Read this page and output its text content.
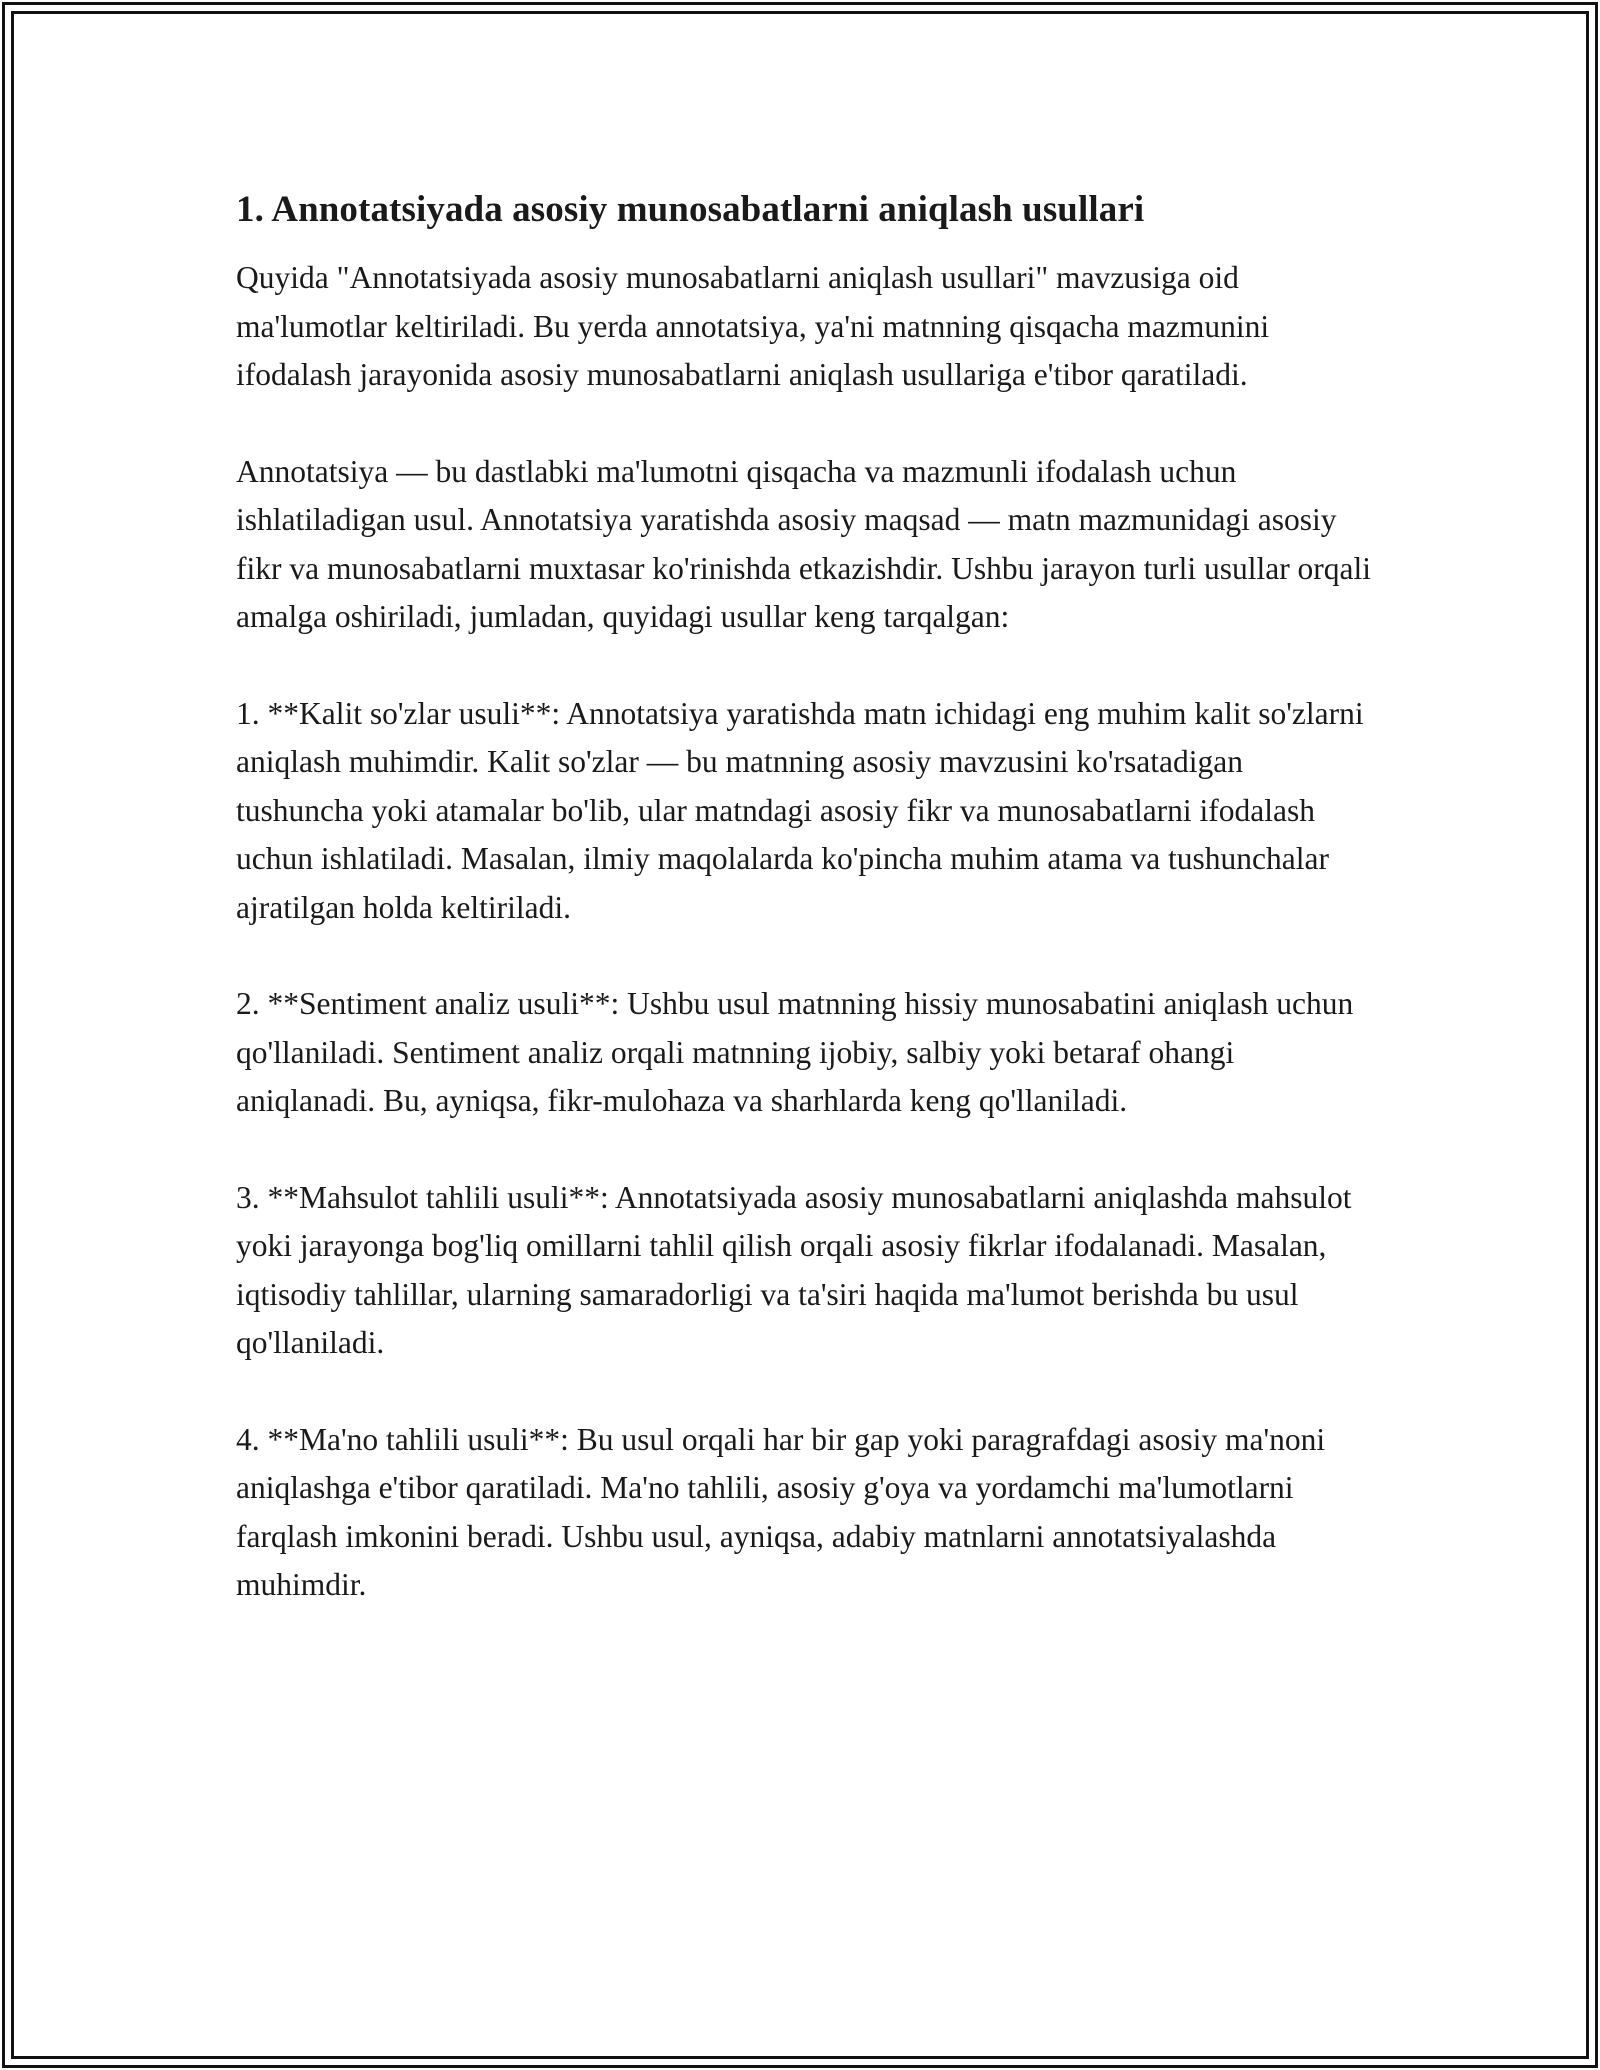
1. Annotatsiyada asosiy munosabatlarni aniqlash usullari

Quyida "Annotatsiyada asosiy munosabatlarni aniqlash usullari" mavzusiga oid ma'lumotlar keltiriladi. Bu yerda annotatsiya, ya'ni matnning qisqacha mazmunini ifodalash jarayonida asosiy munosabatlarni aniqlash usullariga e'tibor qaratiladi.

Annotatsiya — bu dastlabki ma'lumotni qisqacha va mazmunli ifodalash uchun ishlatiladigan usul. Annotatsiya yaratishda asosiy maqsad — matn mazmunidagi asosiy fikr va munosabatlarni muxtasar ko'rinishda etkazishdir. Ushbu jarayon turli usullar orqali amalga oshiriladi, jumladan, quyidagi usullar keng tarqalgan:

1. **Kalit so'zlar usuli**: Annotatsiya yaratishda matn ichidagi eng muhim kalit so'zlarni aniqlash muhimdir. Kalit so'zlar — bu matnning asosiy mavzusini ko'rsatadigan tushuncha yoki atamalar bo'lib, ular matndagi asosiy fikr va munosabatlarni ifodalash uchun ishlatiladi. Masalan, ilmiy maqolalarda ko'pincha muhim atama va tushunchalar ajratilgan holda keltiriladi.

2. **Sentiment analiz usuli**: Ushbu usul matnning hissiy munosabatini aniqlash uchun qo'llaniladi. Sentiment analiz orqali matnning ijobiy, salbiy yoki betaraf ohangi aniqlanadi. Bu, ayniqsa, fikr-mulohaza va sharhlarda keng qo'llaniladi.

3. **Mahsulot tahlili usuli**: Annotatsiyada asosiy munosabatlarni aniqlashda mahsulot yoki jarayonga bog'liq omillarni tahlil qilish orqali asosiy fikrlar ifodalanadi. Masalan, iqtisodiy tahlillar, ularning samaradorligi va ta'siri haqida ma'lumot berishda bu usul qo'llaniladi.

4. **Ma'no tahlili usuli**: Bu usul orqali har bir gap yoki paragrafdagi asosiy ma'noni aniqlashga e'tibor qaratiladi. Ma'no tahlili, asosiy g'oya va yordamchi ma'lumotlarni farqlash imkonini beradi. Ushbu usul, ayniqsa, adabiy matnlarni annotatsiyalashda muhimdir.
